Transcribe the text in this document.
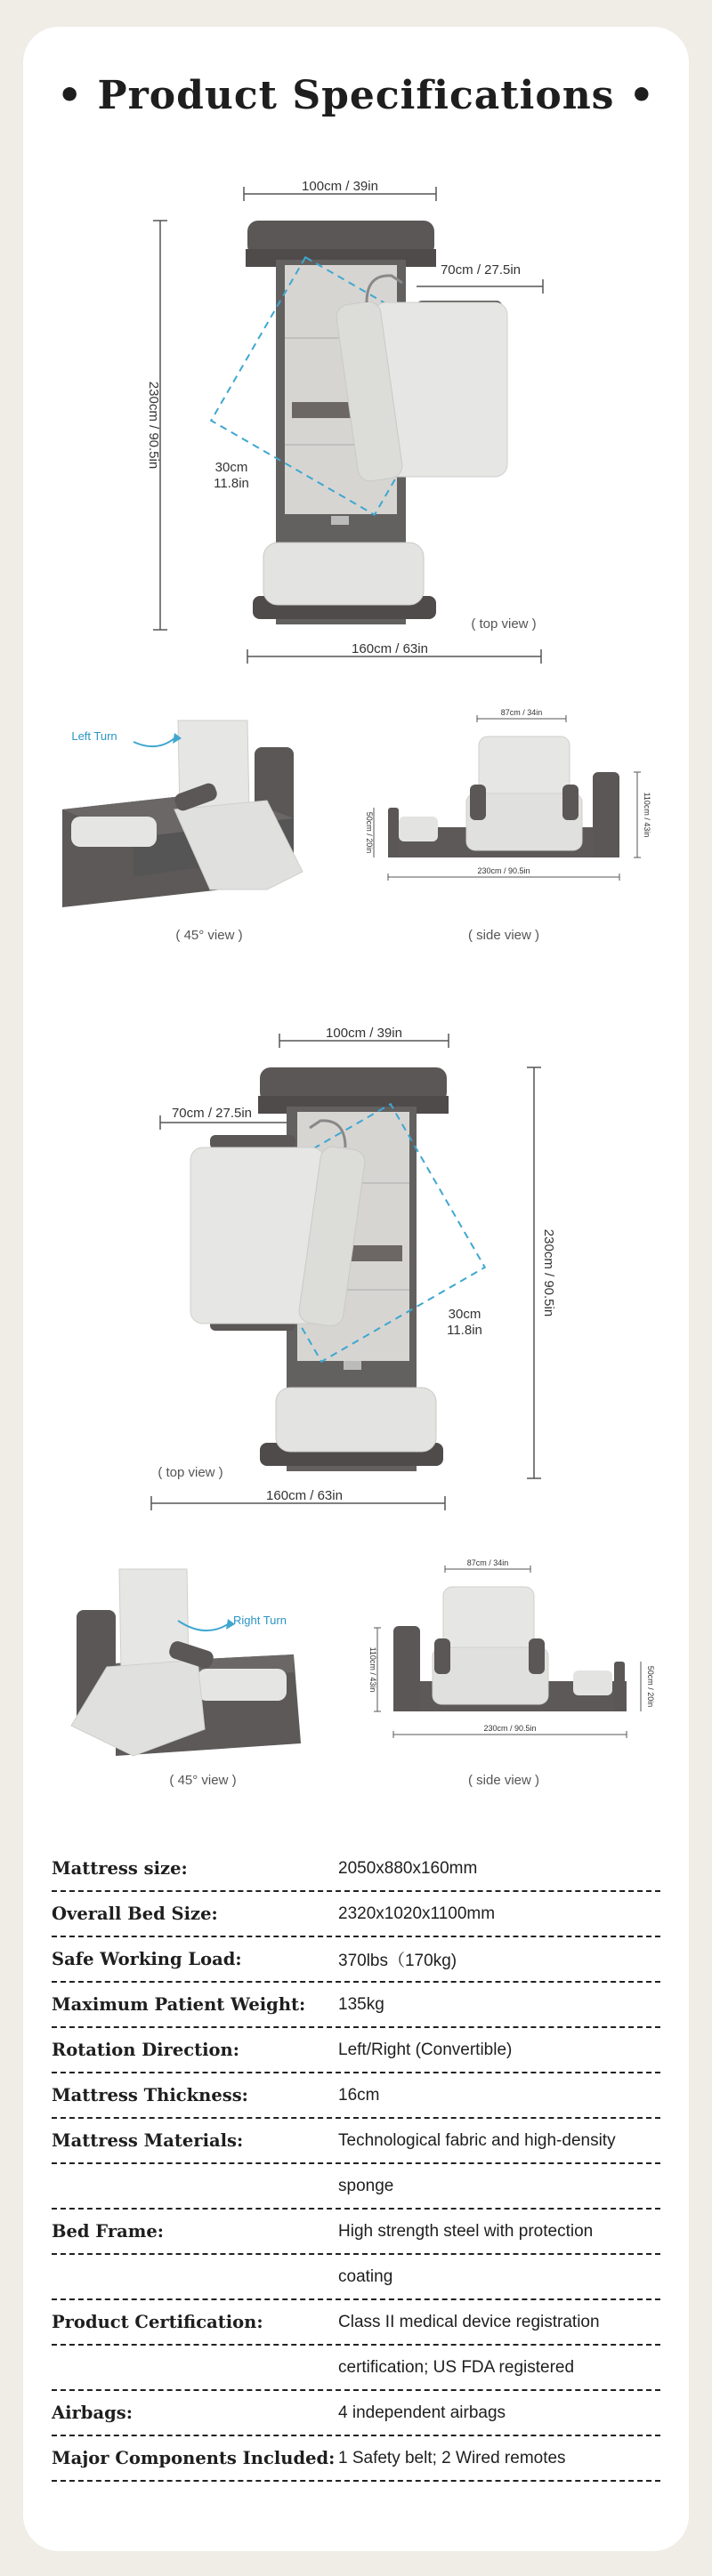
• Product Specifications •
100cm / 39in
230cm / 90.5in
70cm / 27.5in
30cm
11.8in
( top view )
160cm / 63in
Left Turn
( 45° view )
87cm / 34in
110cm / 43in
50cm / 20in
230cm / 90.5in
( side view )
100cm / 39in
70cm / 27.5in
230cm / 90.5in
30cm
11.8in
( top view )
160cm / 63in
Right Turn
( 45° view )
87cm / 34in
110cm / 43in	50cm / 20in
230cm / 90.5in
( side view )
Mattress size:	2050x880x160mm
Overall Bed Size:	2320x1020x1100mm
Safe Working Load:	370lbs（170kg)
Maximum Patient Weight:	135kg
Rotation Direction:	Left/Right (Convertible)
Mattress Thickness:	16cm
Mattress Materials:	Technological fabric and high-density
sponge
Bed Frame:	High strength steel with protection
coating
Product Certification:	Class II medical device registration
certification; US FDA registered
Airbags:	4 independent airbags
Major Components Included: 1 Safety belt; 2 Wired remotes
